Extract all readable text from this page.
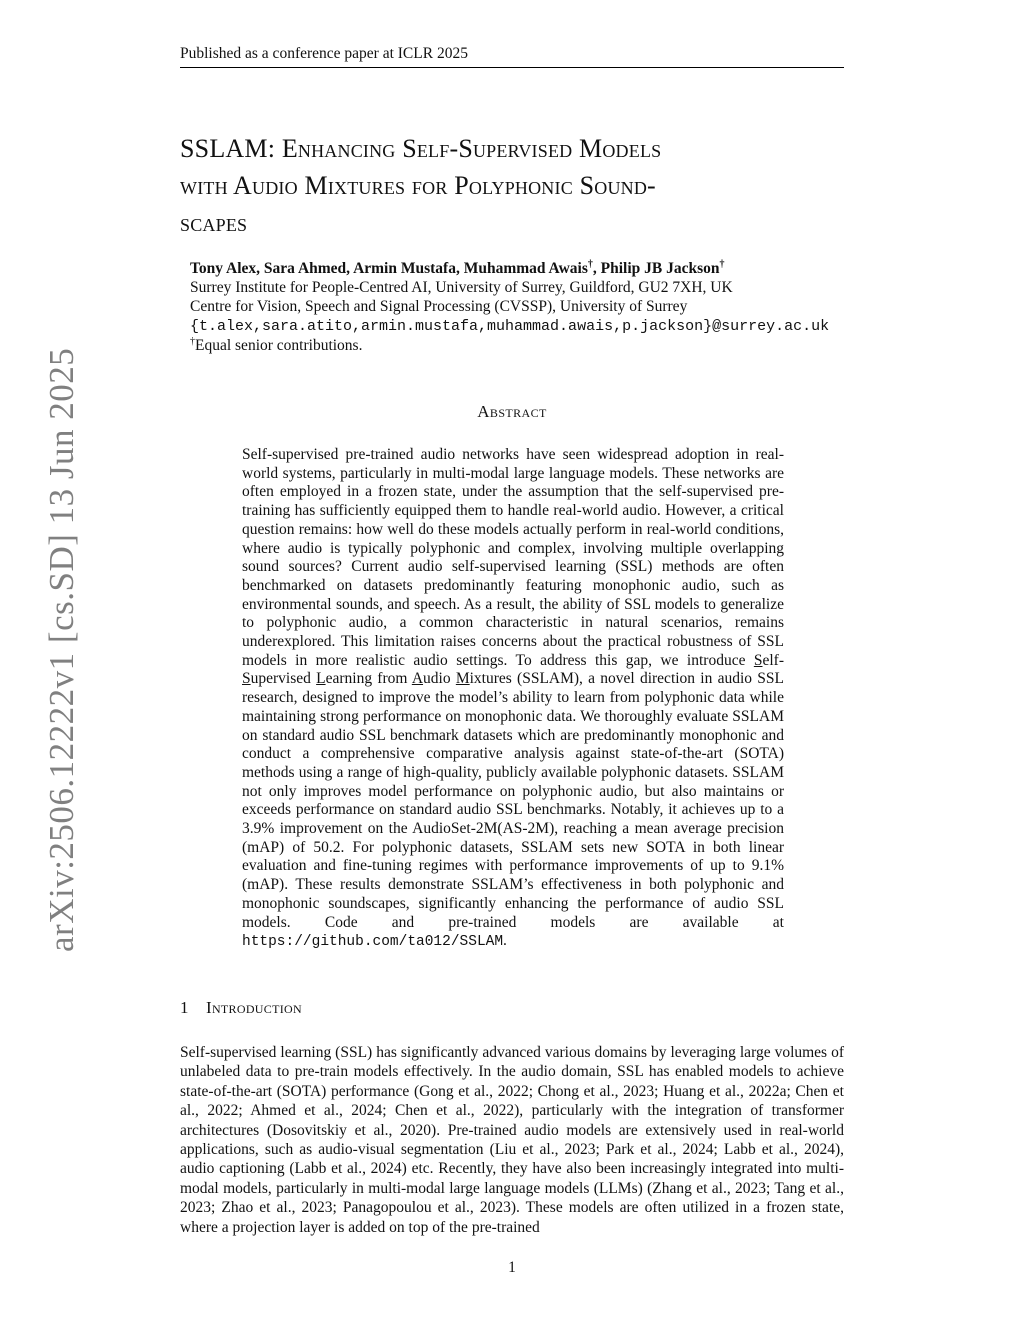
Published as a conference paper at ICLR 2025
arXiv:2506.12222v1 [cs.SD] 13 Jun 2025
SSLAM: Enhancing Self-Supervised Models
with Audio Mixtures for Polyphonic Sound-
scapes
Tony Alex, Sara Ahmed, Armin Mustafa, Muhammad Awais†, Philip JB Jackson†
Surrey Institute for People-Centred AI, University of Surrey, Guildford, GU2 7XH, UK
Centre for Vision, Speech and Signal Processing (CVSSP), University of Surrey
{t.alex,sara.atito,armin.mustafa,muhammad.awais,p.jackson}@surrey.ac.uk
†Equal senior contributions.
Abstract

Self-supervised pre-trained audio networks have seen widespread adoption in real-world systems, particularly in multi-modal large language models. These networks are often employed in a frozen state, under the assumption that the self-supervised pre-training has sufficiently equipped them to handle real-world audio. However, a critical question remains: how well do these models actually perform in real-world conditions, where audio is typically polyphonic and complex, involving multiple overlapping sound sources? Current audio self-supervised learning (SSL) methods are often benchmarked on datasets predominantly featuring monophonic audio, such as environmental sounds, and speech. As a result, the ability of SSL models to generalize to polyphonic audio, a common characteristic in natural scenarios, remains underexplored. This limitation raises concerns about the practical robustness of SSL models in more realistic audio settings. To address this gap, we introduce Self-Supervised Learning from Audio Mixtures (SSLAM), a novel direction in audio SSL research, designed to improve the model’s ability to learn from polyphonic data while maintaining strong performance on monophonic data. We thoroughly evaluate SSLAM on standard audio SSL benchmark datasets which are predominantly monophonic and conduct a comprehensive comparative analysis against state-of-the-art (SOTA) methods using a range of high-quality, publicly available polyphonic datasets. SSLAM not only improves model performance on polyphonic audio, but also maintains or exceeds performance on standard audio SSL benchmarks. Notably, it achieves up to a 3.9% improvement on the AudioSet-2M(AS-2M), reaching a mean average precision (mAP) of 50.2. For polyphonic datasets, SSLAM sets new SOTA in both linear evaluation and fine-tuning regimes with performance improvements of up to 9.1%(mAP). These results demonstrate SSLAM’s effectiveness in both polyphonic and monophonic soundscapes, significantly enhancing the performance of audio SSL models. Code and pre-trained models are available at https://github.com/ta012/SSLAM.

1 Introduction

Self-supervised learning (SSL) has significantly advanced various domains by leveraging large volumes of unlabeled data to pre-train models effectively. In the audio domain, SSL has enabled models to achieve state-of-the-art (SOTA) performance (Gong et al., 2022; Chong et al., 2023; Huang et al., 2022a; Chen et al., 2022; Ahmed et al., 2024; Chen et al., 2022), particularly with the integration of transformer architectures (Dosovitskiy et al., 2020). Pre-trained audio models are extensively used in real-world applications, such as audio-visual segmentation (Liu et al., 2023; Park et al., 2024; Labb et al., 2024), audio captioning (Labb et al., 2024) etc. Recently, they have also been increasingly integrated into multi-modal models, particularly in multi-modal large language models (LLMs) (Zhang et al., 2023; Tang et al., 2023; Zhao et al., 2023; Panagopoulou et al., 2023). These models are often utilized in a frozen state, where a projection layer is added on top of the pre-trained

1
